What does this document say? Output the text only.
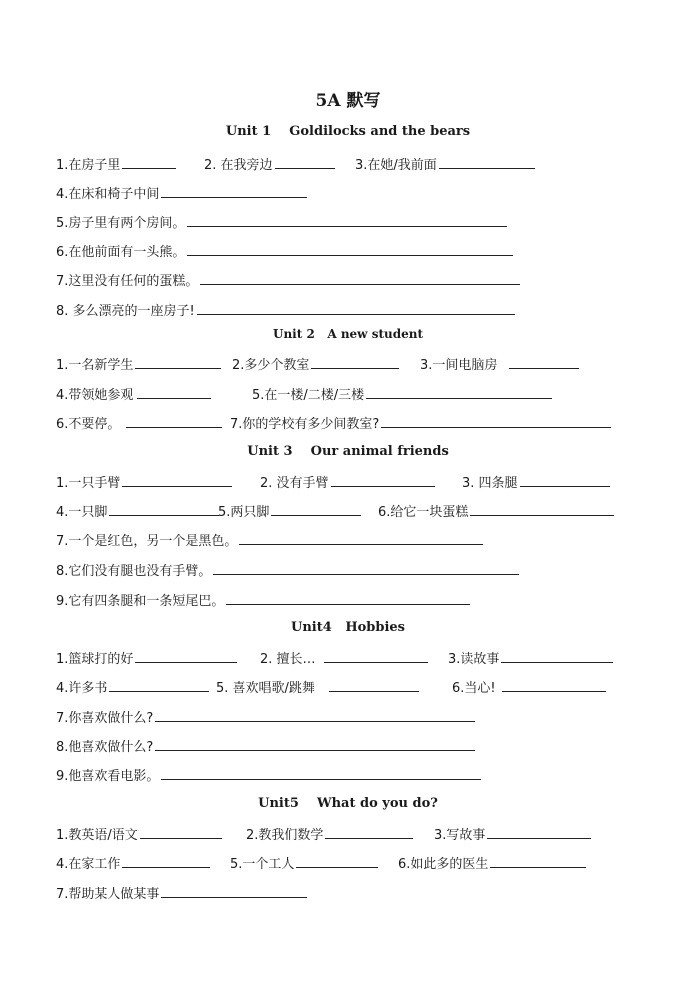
5A 默写
Unit 1    Goldilocks and the bears
1.在房子里	2. 在我旁边	3.在她/我前面
4.在床和椅子中间
5.房子里有两个房间。
6.在他前面有一头熊。
7.这里没有任何的蛋糕。
8. 多么漂亮的一座房子!
Unit 2   A new student
1.一名新学生	2.多少个教室	3.一间电脑房
4.带领她参观	5.在一楼/二楼/三楼
6.不要停。	7.你的学校有多少间教室?
Unit 3    Our animal friends
1.一只手臂	2. 没有手臂	3. 四条腿
4.一只脚	5.两只脚	6.给它一块蛋糕
7.一个是红色，另一个是黑色。
8.它们没有腿也没有手臂。
9.它有四条腿和一条短尾巴。
Unit4   Hobbies
1.篮球打的好	2. 擅长…	3.读故事
4.许多书	5. 喜欢唱歌/跳舞	6.当心!
7.你喜欢做什么?
8.他喜欢做什么?
9.他喜欢看电影。
Unit5    What do you do?
1.教英语/语文	2.教我们数学	3.写故事
4.在家工作	5.一个工人	6.如此多的医生
7.帮助某人做某事
